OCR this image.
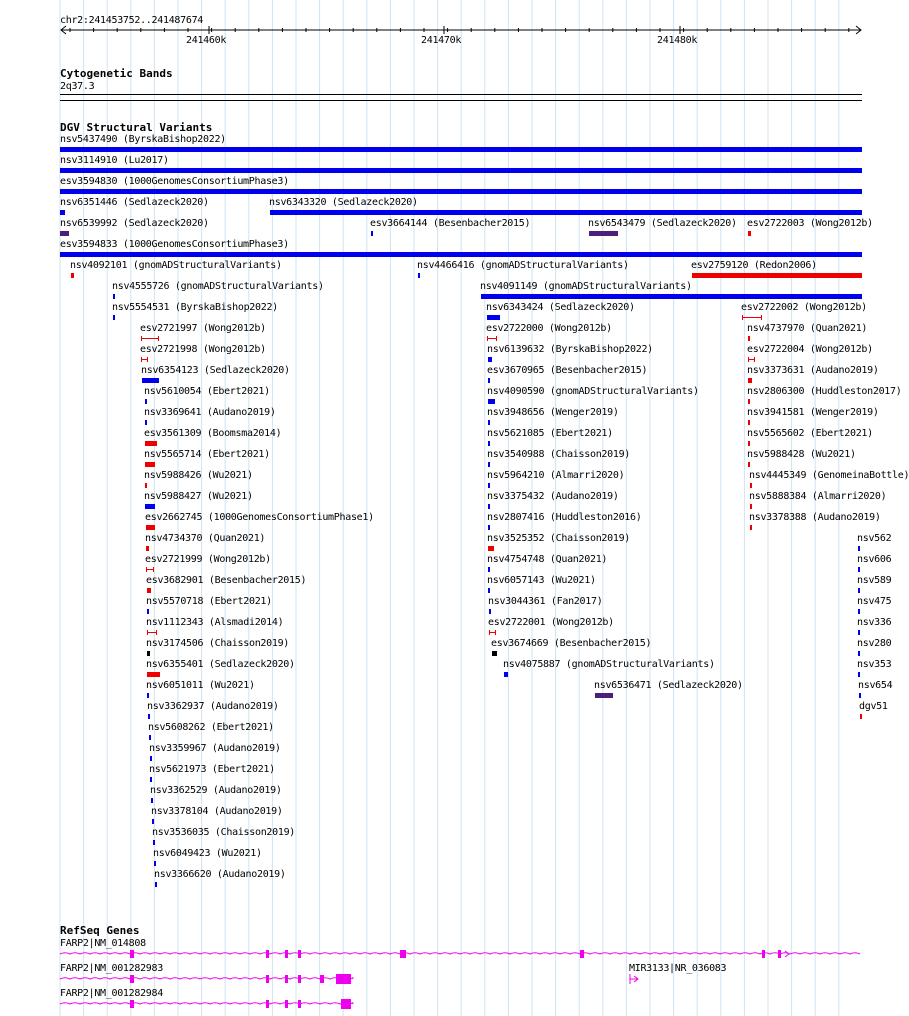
chr2:241453752..241487674
241460k	241470k	241480k
Cytogenetic Bands
2q37.3
DGV Structural Variants
nsv5437490 (ByrskaBishop2022)
nsv3114910 (Lu2017)
esv3594830 (1000GenomesConsortiumPhase3)
nsv6351446 (Sedlazeck2020)	nsv6343320 (Sedlazeck2020)
nsv6539992 (Sedlazeck2020)	esv3664144 (Besenbacher2015)	nsv6543479 (Sedlazeck2020) esv2722003 (Wong2012b)
esv3594833 (1000GenomesConsortiumPhase3)
nsv4092101 (gnomADStructuralVariants)	nsv4466416 (gnomADStructuralVariants)	esv2759120 (Redon2006)
nsv4555726 (gnomADStructuralVariants)	nsv4091149 (gnomADStructuralVariants)
nsv5554531 (ByrskaBishop2022)	nsv6343424 (Sedlazeck2020)	esv2722002 (Wong2012b)
esv2721997 (Wong2012b)	esv2722000 (Wong2012b)	nsv4737970 (Quan2021)
esv2721998 (Wong2012b)	nsv6139632 (ByrskaBishop2022)	esv2722004 (Wong2012b)
nsv6354123 (Sedlazeck2020)	esv3670965 (Besenbacher2015)	nsv3373631 (Audano2019)
nsv5610054 (Ebert2021)	nsv4090590 (gnomADStructuralVariants)	nsv2806300 (Huddleston2017)
nsv3369641 (Audano2019)	nsv3948656 (Wenger2019)	nsv3941581 (Wenger2019)
esv3561309 (Boomsma2014)	nsv5621085 (Ebert2021)	nsv5565602 (Ebert2021)
nsv5565714 (Ebert2021)	nsv3540988 (Chaisson2019)	nsv5988428 (Wu2021)
nsv5988426 (Wu2021)	nsv5964210 (Almarri2020)	nsv4445349 (GenomeinaBottle)
nsv5988427 (Wu2021)	nsv3375432 (Audano2019)	nsv5888384 (Almarri2020)
esv2662745 (1000GenomesConsortiumPhase1)	nsv2807416 (Huddleston2016)	nsv3378388 (Audano2019)
nsv4734370 (Quan2021)	nsv3525352 (Chaisson2019)	nsv562
esv2721999 (Wong2012b)	nsv4754748 (Quan2021)	nsv606
esv3682901 (Besenbacher2015)	nsv6057143 (Wu2021)	nsv589
nsv5570718 (Ebert2021)	nsv3044361 (Fan2017)	nsv475
nsv1112343 (Alsmadi2014)	esv2722001 (Wong2012b)	nsv336
nsv3174506 (Chaisson2019)	esv3674669 (Besenbacher2015)	nsv280
nsv6355401 (Sedlazeck2020)	nsv4075887 (gnomADStructuralVariants)	nsv353
nsv6051011 (Wu2021)	nsv6536471 (Sedlazeck2020)	nsv654
nsv3362937 (Audano2019)	dgv51
nsv5608262 (Ebert2021)
nsv3359967 (Audano2019)
nsv5621973 (Ebert2021)
nsv3362529 (Audano2019)
nsv3378104 (Audano2019)
nsv3536035 (Chaisson2019)
nsv6049423 (Wu2021)
nsv3366620 (Audano2019)
RefSeq Genes
FARP2|NM_014808
FARP2|NM_001282983	MIR3133|NR_036083
FARP2|NM_001282984
